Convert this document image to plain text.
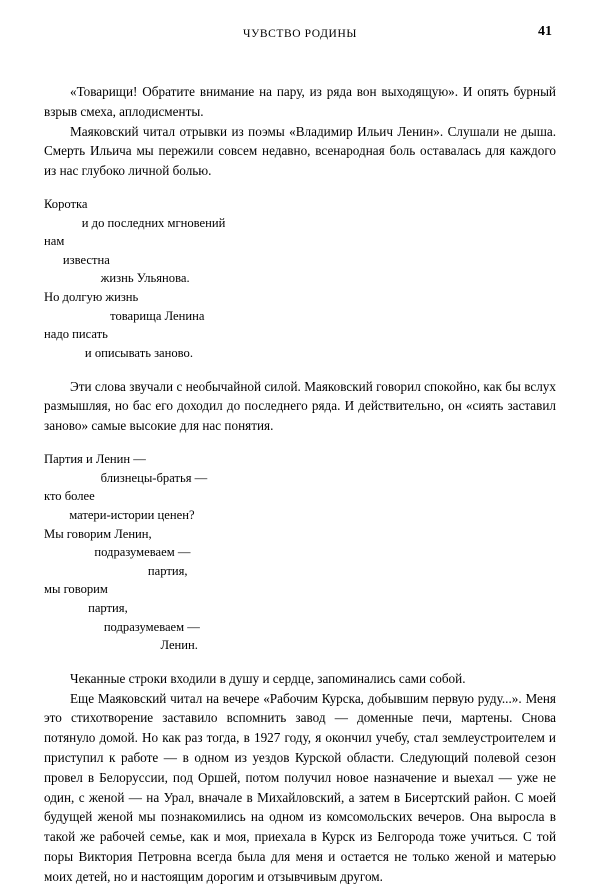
ЧУВСТВО РОДИНЫ	41

«Товарищи! Обратите внимание на пару, из ряда вон выходящую». И опять бурный взрыв смеха, аплодисменты.

Маяковский читал отрывки из поэмы «Владимир Ильич Ленин». Слушали не дыша. Смерть Ильича мы пережили совсем недавно, всенародная боль оставалась для каждого из нас глубоко личной болью.

Коротка
и до последних мгновений
нам
известна
жизнь Ульянова.
Но долгую жизнь
товарища Ленина
надо писать
и описывать заново.

Эти слова звучали с необычайной силой. Маяковский говорил спокойно, как бы вслух размышляя, но бас его доходил до последнего ряда. И действительно, он «сиять заставил заново» самые высокие для нас понятия.

Партия и Ленин —
близнецы-братья —
кто более
матери-истории ценен?
Мы говорим Ленин,
подразумеваем —
партия,
мы говорим
партия,
подразумеваем —
Ленин.

Чеканные строки входили в душу и сердце, запоминались сами собой.

Еще Маяковский читал на вечере «Рабочим Курска, добывшим первую руду...». Меня это стихотворение заставило вспомнить завод — доменные печи, мартены. Снова потянуло домой. Но как раз тогда, в 1927 году, я окончил учебу, стал землеустроителем и приступил к работе — в одном из уездов Курской области. Следующий полевой сезон провел в Белоруссии, под Оршей, потом получил новое назначение и выехал — уже не один, с женой — на Урал, вначале в Михайловский, а затем в Бисертский район. С моей будущей женой мы познакомились на одном из комсомольских вечеров. Она выросла в такой же рабочей семье, как и моя, приехала в Курск из Белгорода тоже учиться. С той поры Виктория Петровна всегда была для меня и остается не только женой и матерью моих детей, но и настоящим дорогим и отзывчивым другом.
